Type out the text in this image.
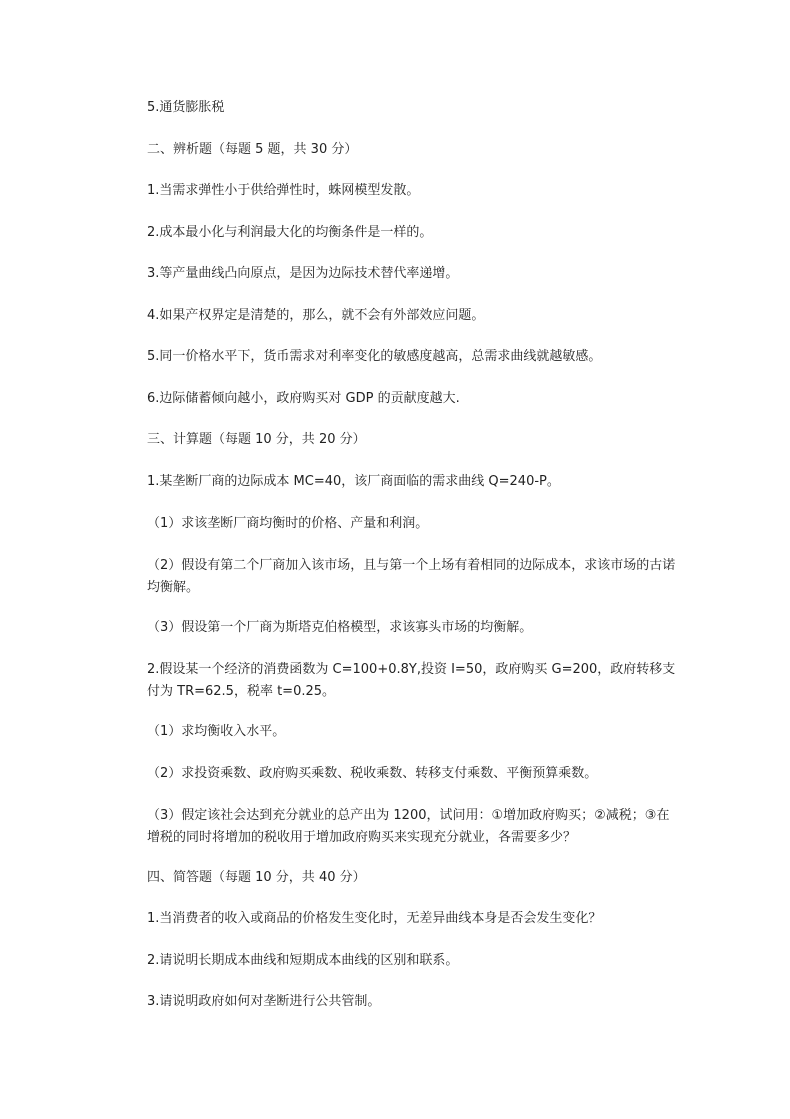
5.通货膨胀税
二、辨析题（每题 5 题，共 30 分）
1.当需求弹性小于供给弹性时，蛛网模型发散。
2.成本最小化与利润最大化的均衡条件是一样的。
3.等产量曲线凸向原点，是因为边际技术替代率递增。
4.如果产权界定是清楚的，那么，就不会有外部效应问题。
5.同一价格水平下，货币需求对利率变化的敏感度越高，总需求曲线就越敏感。
6.边际储蓄倾向越小，政府购买对 GDP 的贡献度越大.
三、计算题（每题 10 分，共 20 分）
1.某垄断厂商的边际成本 MC=40，该厂商面临的需求曲线 Q=240-P。
（1）求该垄断厂商均衡时的价格、产量和利润。
（2）假设有第二个厂商加入该市场，且与第一个上场有着相同的边际成本，求该市场的古诺均衡解。
（3）假设第一个厂商为斯塔克伯格模型，求该寡头市场的均衡解。
2.假设某一个经济的消费函数为 C=100+0.8Y,投资 I=50，政府购买 G=200，政府转移支付为 TR=62.5，税率 t=0.25。
（1）求均衡收入水平。
（2）求投资乘数、政府购买乘数、税收乘数、转移支付乘数、平衡预算乘数。
（3）假定该社会达到充分就业的总产出为 1200，试问用：①增加政府购买；②减税；③在增税的同时将增加的税收用于增加政府购买来实现充分就业，各需要多少？
四、简答题（每题 10 分，共 40 分）
1.当消费者的收入或商品的价格发生变化时，无差异曲线本身是否会发生变化？
2.请说明长期成本曲线和短期成本曲线的区别和联系。
3.请说明政府如何对垄断进行公共管制。
